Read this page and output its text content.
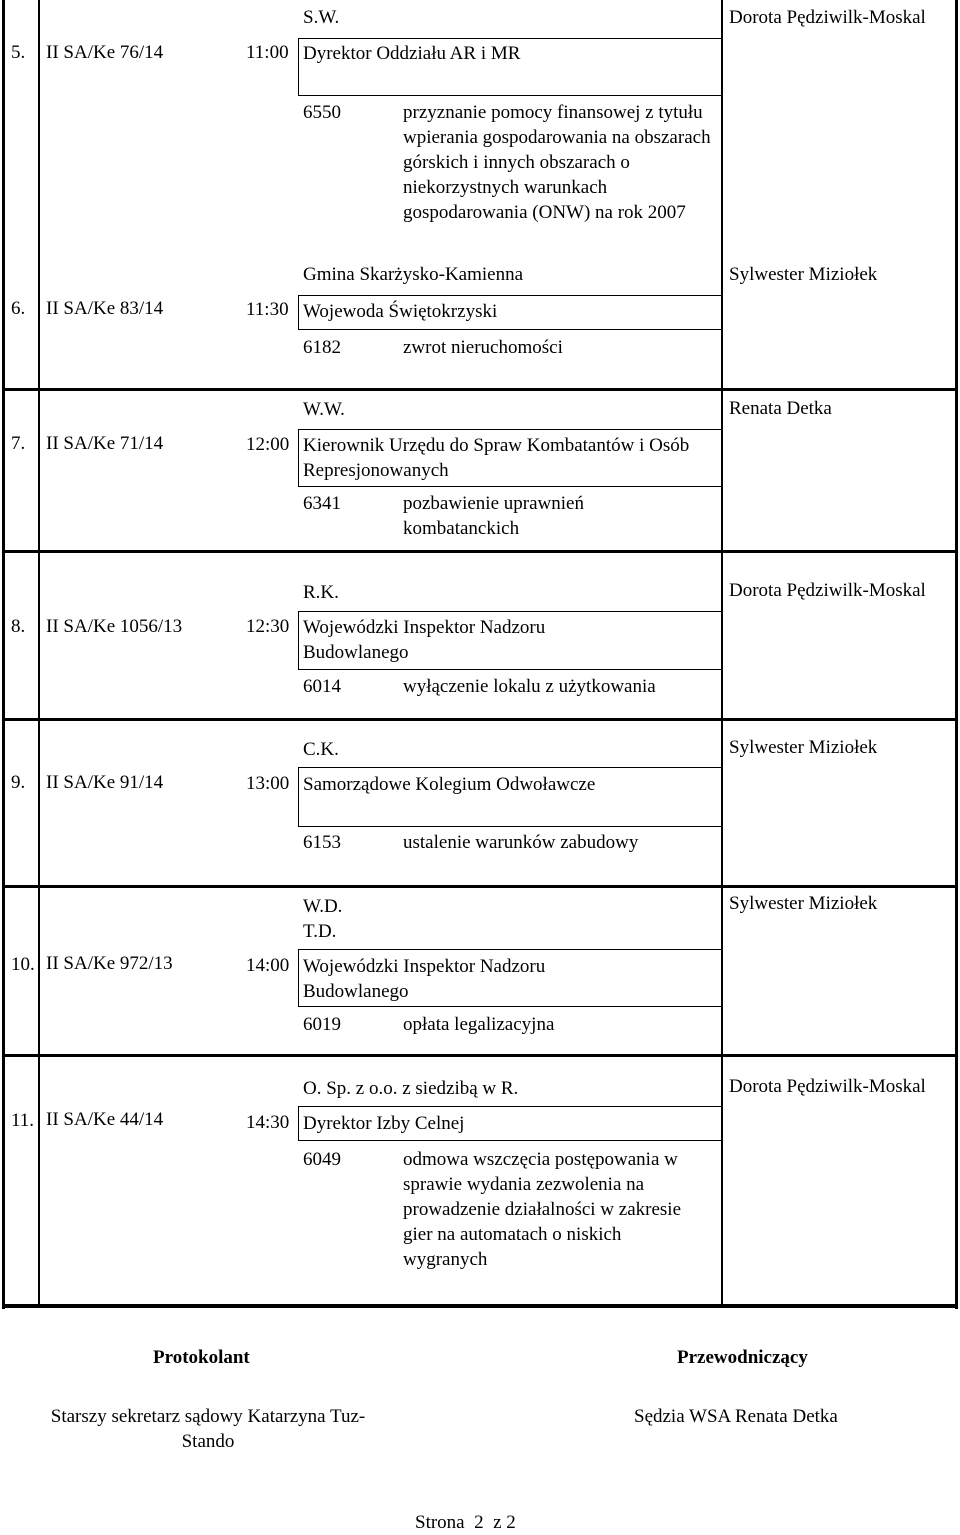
5. II SA/Ke 76/14	11:00
S.W.
Dyrektor Oddziału AR i MR
6550	przyznanie pomocy finansowej z tytułu wpierania gospodarowania na obszarach górskich i innych obszarach o niekorzystnych warunkach gospodarowania (ONW) na rok 2007
Dorota Pędziwilk-Moskal
6. II SA/Ke 83/14	11:30
Gmina Skarżysko-Kamienna
Wojewoda Świętokrzyski
6182	zwrot nieruchomości
Sylwester Miziołek
7. II SA/Ke 71/14	12:00
W.W.
Kierownik Urzędu do Spraw Kombatantów i Osób Represjonowanych
6341	pozbawienie uprawnień kombatanckich
Renata Detka
8. II SA/Ke 1056/13	12:30
R.K.
Wojewódzki Inspektor Nadzoru Budowlanego
6014	wyłączenie lokalu z użytkowania
Dorota Pędziwilk-Moskal
9. II SA/Ke 91/14	13:00
C.K.
Samorządowe Kolegium Odwoławcze
6153	ustalenie warunków zabudowy
Sylwester Miziołek
10. II SA/Ke 972/13	14:00
W.D. T.D.
Wojewódzki Inspektor Nadzoru Budowlanego
6019	opłata legalizacyjna
Sylwester Miziołek
11. II SA/Ke 44/14	14:30
O. Sp. z o.o. z siedzibą w R.
Dyrektor Izby Celnej
6049	odmowa wszczęcia postępowania w sprawie wydania zezwolenia na prowadzenie działalności w zakresie gier na automatach o niskich wygranych
Dorota Pędziwilk-Moskal
Protokolant
Starszy sekretarz sądowy Katarzyna Tuz-Stando
Przewodniczący
Sędzia WSA Renata Detka
Strona 2 z 2
